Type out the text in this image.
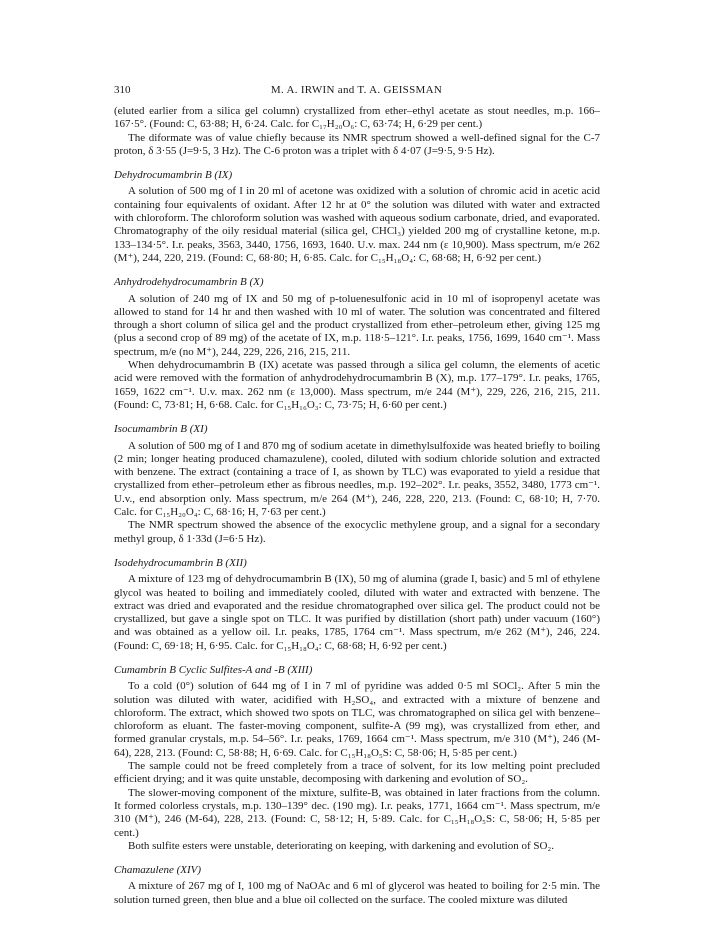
310	M. A. IRWIN and T. A. GEISSMAN

(eluted earlier from a silica gel column) crystallized from ether–ethyl acetate as stout needles, m.p. 166–167·5°. (Found: C, 63·88; H, 6·24. Calc. for C₁₇H₂₀O₆: C, 63·74; H, 6·29 per cent.)

The diformate was of value chiefly because its NMR spectrum showed a well-defined signal for the C-7 proton, δ 3·55 (J=9·5, 3 Hz). The C-6 proton was a triplet with δ 4·07 (J=9·5, 9·5 Hz).

Dehydrocumambrin B (IX)

A solution of 500 mg of I in 20 ml of acetone was oxidized with a solution of chromic acid in acetic acid containing four equivalents of oxidant. After 12 hr at 0° the solution was diluted with water and extracted with chloroform. The chloroform solution was washed with aqueous sodium carbonate, dried, and evaporated. Chromatography of the oily residual material (silica gel, CHCl₃) yielded 200 mg of crystalline ketone, m.p. 133–134·5°. I.r. peaks, 3563, 3440, 1756, 1693, 1640. U.v. max. 244 nm (ε 10,900). Mass spectrum, m/e 262 (M⁺), 244, 220, 219. (Found: C, 68·80; H, 6·85. Calc. for C₁₅H₁₈O₄: C, 68·68; H, 6·92 per cent.)

Anhydrodehydrocumambrin B (X)

A solution of 240 mg of IX and 50 mg of p-toluenesulfonic acid in 10 ml of isopropenyl acetate was allowed to stand for 14 hr and then washed with 10 ml of water. The solution was concentrated and filtered through a short column of silica gel and the product crystallized from ether–petroleum ether, giving 125 mg (plus a second crop of 89 mg) of the acetate of IX, m.p. 118·5–121°. I.r. peaks, 1756, 1699, 1640 cm⁻¹. Mass spectrum, m/e (no M⁺), 244, 229, 226, 216, 215, 211.

When dehydrocumambrin B (IX) acetate was passed through a silica gel column, the elements of acetic acid were removed with the formation of anhydrodehydrocumambrin B (X), m.p. 177–179°. I.r. peaks, 1765, 1659, 1622 cm⁻¹. U.v. max. 262 nm (ε 13,000). Mass spectrum, m/e 244 (M⁺), 229, 226, 216, 215, 211. (Found: C, 73·81; H, 6·68. Calc. for C₁₅H₁₆O₃: C, 73·75; H, 6·60 per cent.)

Isocumambrin B (XI)

A solution of 500 mg of I and 870 mg of sodium acetate in dimethylsulfoxide was heated briefly to boiling (2 min; longer heating produced chamazulene), cooled, diluted with sodium chloride solution and extracted with benzene. The extract (containing a trace of I, as shown by TLC) was evaporated to yield a residue that crystallized from ether–petroleum ether as fibrous needles, m.p. 192–202°. I.r. peaks, 3552, 3480, 1773 cm⁻¹. U.v., end absorption only. Mass spectrum, m/e 264 (M⁺), 246, 228, 220, 213. (Found: C, 68·10; H, 7·70. Calc. for C₁₅H₂₀O₄: C, 68·16; H, 7·63 per cent.)

The NMR spectrum showed the absence of the exocyclic methylene group, and a signal for a secondary methyl group, δ 1·33d (J=6·5 Hz).

Isodehydrocumambrin B (XII)

A mixture of 123 mg of dehydrocumambrin B (IX), 50 mg of alumina (grade I, basic) and 5 ml of ethylene glycol was heated to boiling and immediately cooled, diluted with water and extracted with benzene. The extract was dried and evaporated and the residue chromatographed over silica gel. The product could not be crystallized, but gave a single spot on TLC. It was purified by distillation (short path) under vacuum (160°) and was obtained as a yellow oil. I.r. peaks, 1785, 1764 cm⁻¹. Mass spectrum, m/e 262 (M⁺), 246, 224. (Found: C, 69·18; H, 6·95. Calc. for C₁₅H₁₈O₄: C, 68·68; H, 6·92 per cent.)

Cumambrin B Cyclic Sulfites-A and -B (XIII)

To a cold (0°) solution of 644 mg of I in 7 ml of pyridine was added 0·5 ml SOCl₂. After 5 min the solution was diluted with water, acidified with H₂SO₄, and extracted with a mixture of benzene and chloroform. The extract, which showed two spots on TLC, was chromatographed on silica gel with benzene–chloroform as eluant. The faster-moving component, sulfite-A (99 mg), was crystallized from ether, and formed granular crystals, m.p. 54–56°. I.r. peaks, 1769, 1664 cm⁻¹. Mass spectrum, m/e 310 (M⁺), 246 (M-64), 228, 213. (Found: C, 58·88; H, 6·69. Calc. for C₁₅H₁₈O₅S: C, 58·06; H, 5·85 per cent.)

The sample could not be freed completely from a trace of solvent, for its low melting point precluded efficient drying; and it was quite unstable, decomposing with darkening and evolution of SO₂.

The slower-moving component of the mixture, sulfite-B, was obtained in later fractions from the column. It formed colorless crystals, m.p. 130–139° dec. (190 mg). I.r. peaks, 1771, 1664 cm⁻¹. Mass spectrum, m/e 310 (M⁺), 246 (M-64), 228, 213. (Found: C, 58·12; H, 5·89. Calc. for C₁₅H₁₈O₅S: C, 58·06; H, 5·85 per cent.)

Both sulfite esters were unstable, deteriorating on keeping, with darkening and evolution of SO₂.

Chamazulene (XIV)

A mixture of 267 mg of I, 100 mg of NaOAc and 6 ml of glycerol was heated to boiling for 2·5 min. The solution turned green, then blue and a blue oil collected on the surface. The cooled mixture was diluted
